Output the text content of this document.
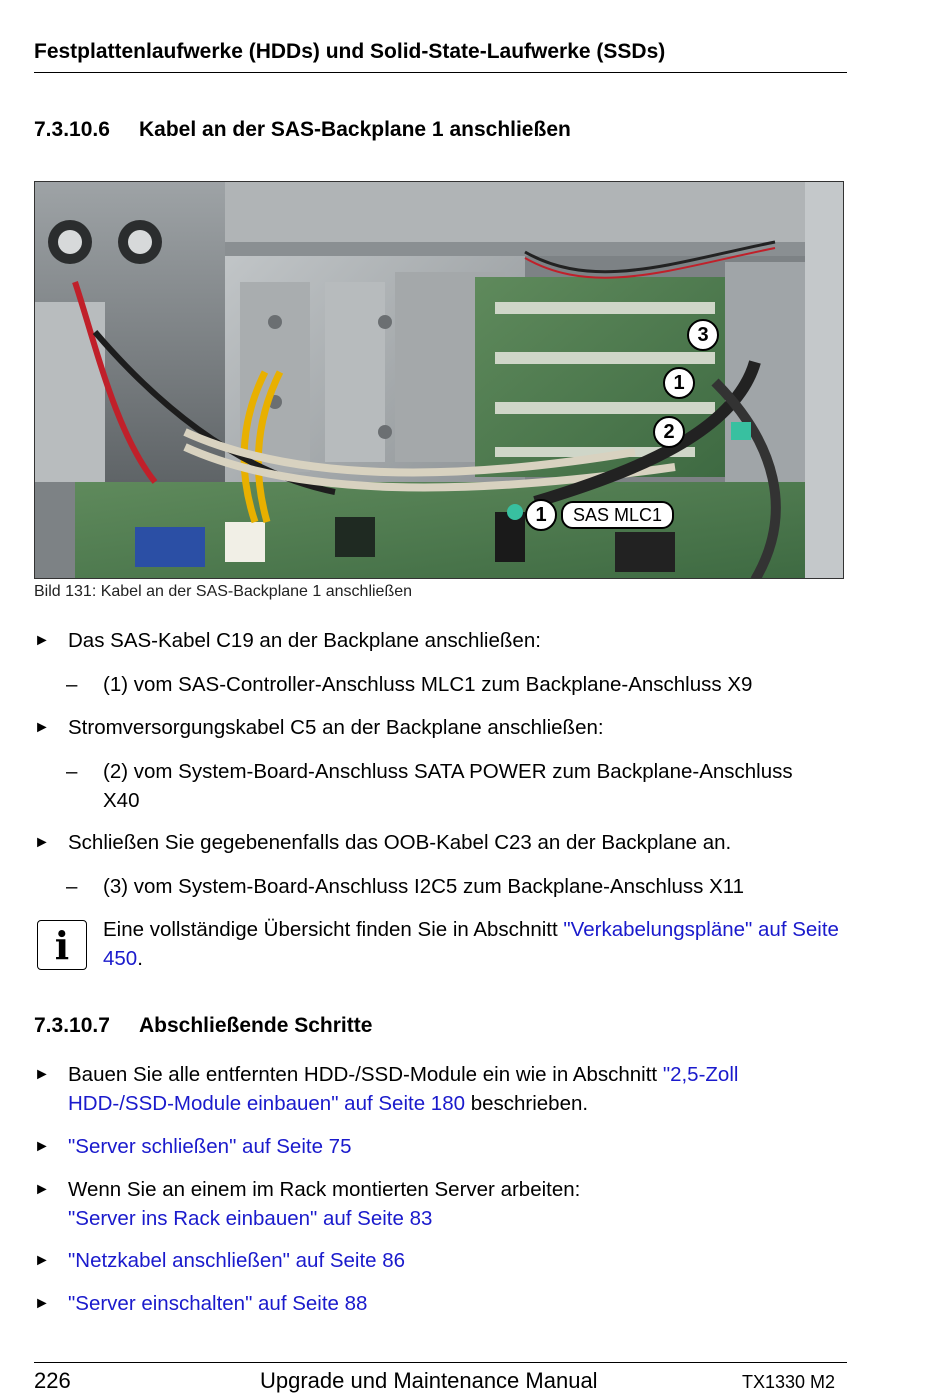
Festplattenlaufwerke (HDDs) und Solid-State-Laufwerke (SSDs)
7.3.10.6 Kabel an der SAS-Backplane 1 anschließen
3
1
2
1	SAS MLC1
Bild 131: Kabel an der SAS-Backplane 1 anschließen
► Das SAS-Kabel C19 an der Backplane anschließen:
– (1) vom SAS-Controller-Anschluss MLC1 zum Backplane-Anschluss X9
► Stromversorgungskabel C5 an der Backplane anschließen:
– (2) vom System-Board-Anschluss SATA POWER zum Backplane-Anschluss X40
► Schließen Sie gegebenenfalls das OOB-Kabel C23 an der Backplane an.
– (3) vom System-Board-Anschluss I2C5 zum Backplane-Anschluss X11
i	Eine vollständige Übersicht finden Sie in Abschnitt "Verkabelungspläne" auf Seite 450.
7.3.10.7 Abschließende Schritte
► Bauen Sie alle entfernten HDD-/SSD-Module ein wie in Abschnitt "2,5-Zoll HDD-/SSD-Module einbauen" auf Seite 180 beschrieben.
► "Server schließen" auf Seite 75
► Wenn Sie an einem im Rack montierten Server arbeiten:
"Server ins Rack einbauen" auf Seite 83
► "Netzkabel anschließen" auf Seite 86
► "Server einschalten" auf Seite 88
226	Upgrade und Maintenance Manual	TX1330 M2
